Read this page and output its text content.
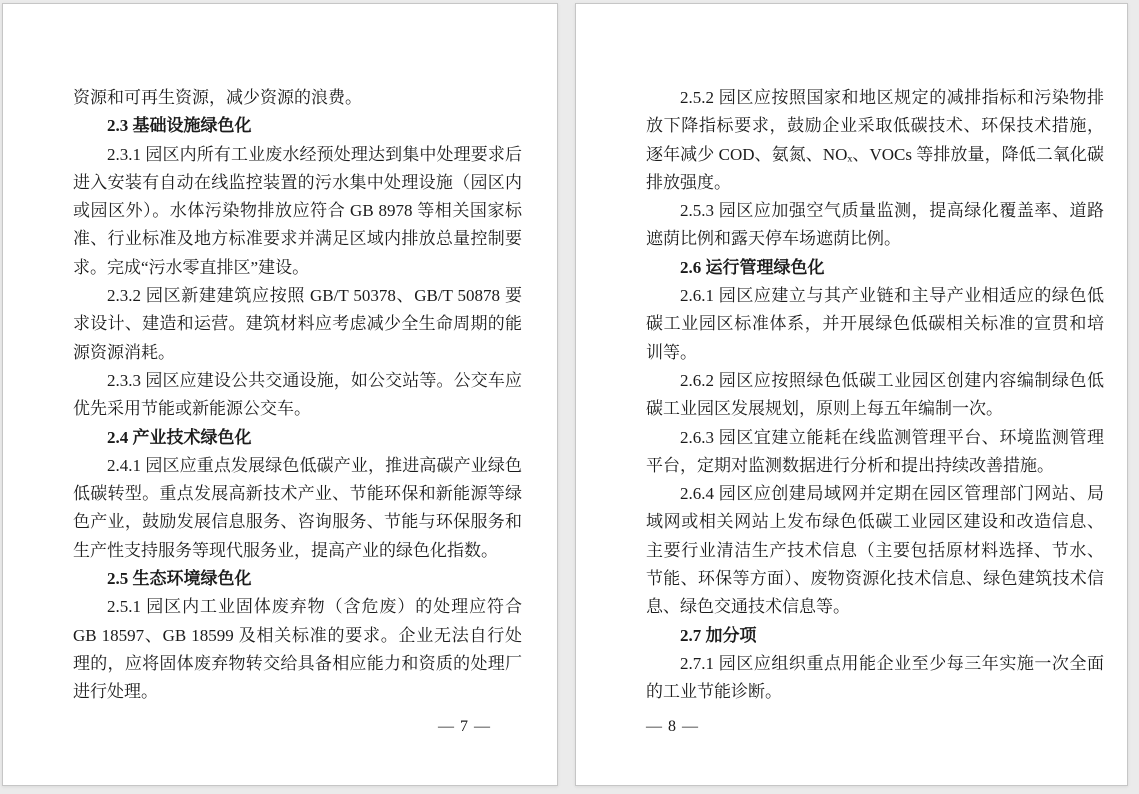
资源和可再生资源，减少资源的浪费。

2.3 基础设施绿色化

2.3.1 园区内所有工业废水经预处理达到集中处理要求后进入安装有自动在线监控装置的污水集中处理设施（园区内或园区外）。水体污染物排放应符合 GB 8978 等相关国家标准、行业标准及地方标准要求并满足区域内排放总量控制要求。完成“污水零直排区”建设。

2.3.2 园区新建建筑应按照 GB/T 50378、GB/T 50878 要求设计、建造和运营。建筑材料应考虑减少全生命周期的能源资源消耗。

2.3.3 园区应建设公共交通设施，如公交站等。公交车应优先采用节能或新能源公交车。

2.4 产业技术绿色化

2.4.1 园区应重点发展绿色低碳产业，推进高碳产业绿色低碳转型。重点发展高新技术产业、节能环保和新能源等绿色产业，鼓励发展信息服务、咨询服务、节能与环保服务和生产性支持服务等现代服务业，提高产业的绿色化指数。

2.5 生态环境绿色化

2.5.1 园区内工业固体废弃物（含危废）的处理应符合 GB 18597、GB 18599 及相关标准的要求。企业无法自行处理的，应将固体废弃物转交给具备相应能力和资质的处理厂进行处理。

— 7 —

2.5.2 园区应按照国家和地区规定的减排指标和污染物排放下降指标要求，鼓励企业采取低碳技术、环保技术措施，逐年减少 COD、氨氮、NOₓ、VOCs 等排放量，降低二氧化碳排放强度。

2.5.3 园区应加强空气质量监测，提高绿化覆盖率、道路遮荫比例和露天停车场遮荫比例。

2.6 运行管理绿色化

2.6.1 园区应建立与其产业链和主导产业相适应的绿色低碳工业园区标准体系，并开展绿色低碳相关标准的宣贯和培训等。

2.6.2 园区应按照绿色低碳工业园区创建内容编制绿色低碳工业园区发展规划，原则上每五年编制一次。

2.6.3 园区宜建立能耗在线监测管理平台、环境监测管理平台，定期对监测数据进行分析和提出持续改善措施。

2.6.4 园区应创建局域网并定期在园区管理部门网站、局域网或相关网站上发布绿色低碳工业园区建设和改造信息、主要行业清洁生产技术信息（主要包括原材料选择、节水、节能、环保等方面）、废物资源化技术信息、绿色建筑技术信息、绿色交通技术信息等。

2.7 加分项

2.7.1 园区应组织重点用能企业至少每三年实施一次全面的工业节能诊断。

— 8 —
